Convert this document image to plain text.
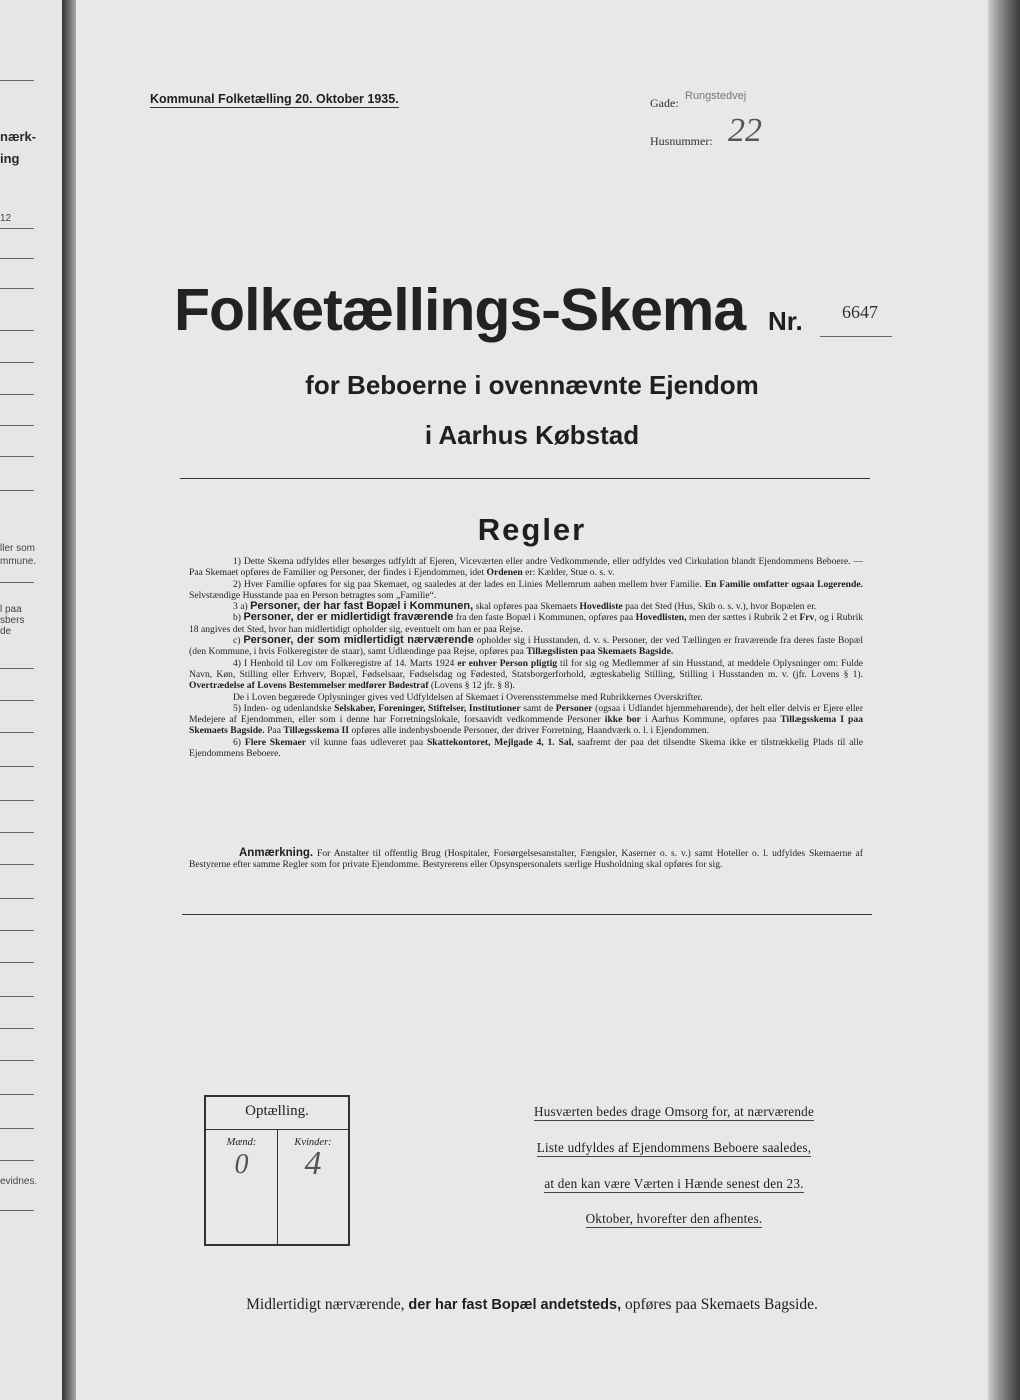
nærk-
ing
12
ller som
mmune.
l paa
sbers
de
evidnes.
Kommunal Folketælling 20. Oktober 1935.	Gade: Rungstedvej
Husnummer: 22
Folketællings-Skema Nr. 6647
for Beboerne i ovennævnte Ejendom
i Aarhus Købstad
Regler

1) Dette Skema udfyldes eller besørges udfyldt af Ejeren, Viceværten eller andre Vedkommende, eller udfyldes ved Cirkulation blandt Ejendommens Beboere. — Paa Skemaet opføres de Familier og Personer, der findes i Ejendommen, idet Ordenen er: Kælder, Stue o. s. v.

2) Hver Familie opføres for sig paa Skemaet, og saaledes at der lades en Linies Mellemrum aaben mellem hver Familie. En Familie omfatter ogsaa Logerende. Selvstændige Husstande paa en Person betragtes som „Familie“.

3 a) Personer, der har fast Bopæl i Kommunen, skal opføres paa Skemaets Hovedliste paa det Sted (Hus, Skib o. s. v.), hvor Bopælen er.

b) Personer, der er midlertidigt fraværende fra den faste Bopæl i Kommunen, opføres paa Hovedlisten, men der sættes i Rubrik 2 et Frv, og i Rubrik 18 angives det Sted, hvor han midlertidigt opholder sig, eventuelt om han er paa Rejse.

c) Personer, der som midlertidigt nærværende opholder sig i Husstanden, d. v. s. Personer, der ved Tællingen er fraværende fra deres faste Bopæl (den Kommune, i hvis Folkeregister de staar), samt Udlændinge paa Rejse, opføres paa Tillægslisten paa Skemaets Bagside.

4) I Henhold til Lov om Folkeregistre af 14. Marts 1924 er enhver Person pligtig til for sig og Medlemmer af sin Husstand, at meddele Oplysninger om: Fulde Navn, Køn, Stilling eller Erhverv, Bopæl, Fødselsaar, Fødselsdag og Fødested, Statsborgerforhold, ægteskabelig Stilling, Stilling i Husstanden m. v. (jfr. Lovens § 1). Overtrædelse af Lovens Bestemmelser medfører Bødestraf (Lovens § 12 jfr. § 8).

De i Loven begærede Oplysninger gives ved Udfyldelsen af Skemaet i Overensstemmelse med Rubrikkernes Overskrifter.

5) Inden- og udenlandske Selskaber, Foreninger, Stiftelser, Institutioner samt de Personer (ogsaa i Udlandet hjemmehørende), der helt eller delvis er Ejere eller Medejere af Ejendommen, eller som i denne har Forretningslokale, forsaavidt vedkommende Personer ikke bor i Aarhus Kommune, opføres paa Tillægsskema I paa Skemaets Bagside. Paa Tillægsskema II opføres alle indenbysboende Personer, der driver Forretning, Haandværk o. l. i Ejendommen.

6) Flere Skemaer vil kunne faas udleveret paa Skattekontoret, Mejlgade 4, 1. Sal, saafremt der paa det tilsendte Skema ikke er tilstrækkelig Plads til alle Ejendommens Beboere.

Anmærkning. For Anstalter til offentlig Brug (Hospitaler, Forsørgelsesanstalter, Fængsler, Kaserner o. s. v.) samt Hoteller o. l. udfyldes Skemaerne af Bestyrerne efter samme Regler som for private Ejendomme. Bestyrerens eller Opsynspersonalets særlige Husholdning skal opføres for sig.

Optælling.
Mænd:	Kvinder:
0	4
Husværten bedes drage Omsorg for, at nærværende
Liste udfyldes af Ejendommens Beboere saaledes,
at den kan være Værten i Hænde senest den 23.
Oktober, hvorefter den afhentes.
Midlertidigt nærværende, der har fast Bopæl andetsteds, opføres paa Skemaets Bagside.
